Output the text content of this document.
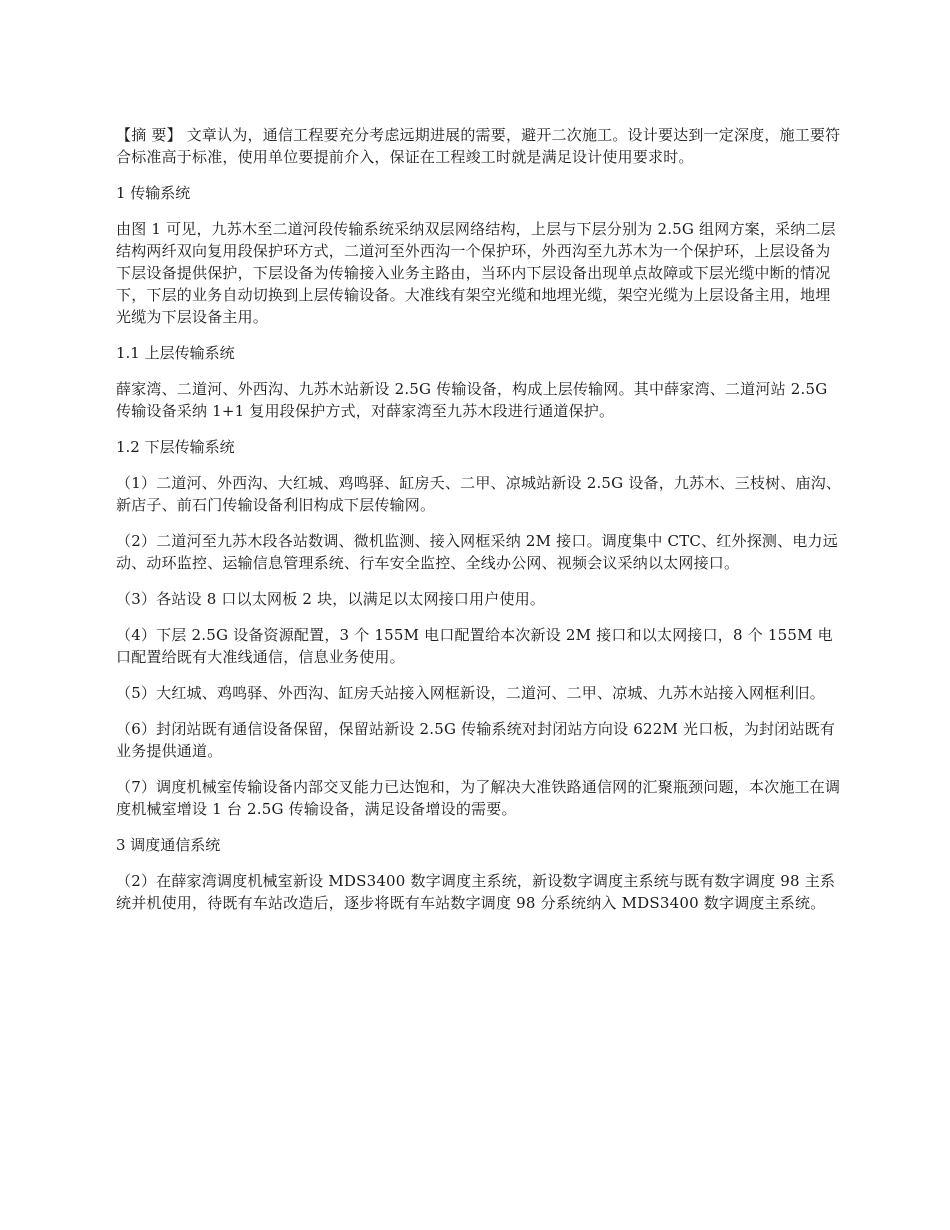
【摘 要】 文章认为，通信工程要充分考虑远期进展的需要，避开二次施工。设计要达到一定深度，施工要符合标准高于标准，使用单位要提前介入，保证在工程竣工时就是满足设计使用要求时。

1 传输系统

由图 1 可见，九苏木至二道河段传输系统采纳双层网络结构，上层与下层分别为 2.5G 组网方案，采纳二层结构两纤双向复用段保护环方式，二道河至外西沟一个保护环，外西沟至九苏木为一个保护环，上层设备为下层设备提供保护，下层设备为传输接入业务主路由，当环内下层设备出现单点故障或下层光缆中断的情况下，下层的业务自动切换到上层传输设备。大准线有架空光缆和地埋光缆，架空光缆为上层设备主用，地埋光缆为下层设备主用。

1.1 上层传输系统

薛家湾、二道河、外西沟、九苏木站新设 2.5G 传输设备，构成上层传输网。其中薛家湾、二道河站 2.5G 传输设备采纳 1+1 复用段保护方式，对薛家湾至九苏木段进行通道保护。

1.2 下层传输系统

（1）二道河、外西沟、大红城、鸡鸣驿、缸房夭、二甲、凉城站新设 2.5G 设备，九苏木、三枝树、庙沟、新店子、前石门传输设备利旧构成下层传输网。

（2）二道河至九苏木段各站数调、微机监测、接入网框采纳 2M 接口。调度集中 CTC、红外探测、电力远动、动环监控、运输信息管理系统、行车安全监控、全线办公网、视频会议采纳以太网接口。

（3）各站设 8 口以太网板 2 块，以满足以太网接口用户使用。

（4）下层 2.5G 设备资源配置，3 个 155M 电口配置给本次新设 2M 接口和以太网接口，8 个 155M 电口配置给既有大准线通信，信息业务使用。

（5）大红城、鸡鸣驿、外西沟、缸房夭站接入网框新设，二道河、二甲、凉城、九苏木站接入网框利旧。

（6）封闭站既有通信设备保留，保留站新设 2.5G 传输系统对封闭站方向设 622M 光口板，为封闭站既有业务提供通道。

（7）调度机械室传输设备内部交叉能力已达饱和，为了解决大准铁路通信网的汇聚瓶颈问题，本次施工在调度机械室增设 1 台 2.5G 传输设备，满足设备增设的需要。

3 调度通信系统

（2）在薛家湾调度机械室新设 MDS3400 数字调度主系统，新设数字调度主系统与既有数字调度 98 主系统并机使用，待既有车站改造后，逐步将既有车站数字调度 98 分系统纳入 MDS3400 数字调度主系统。
